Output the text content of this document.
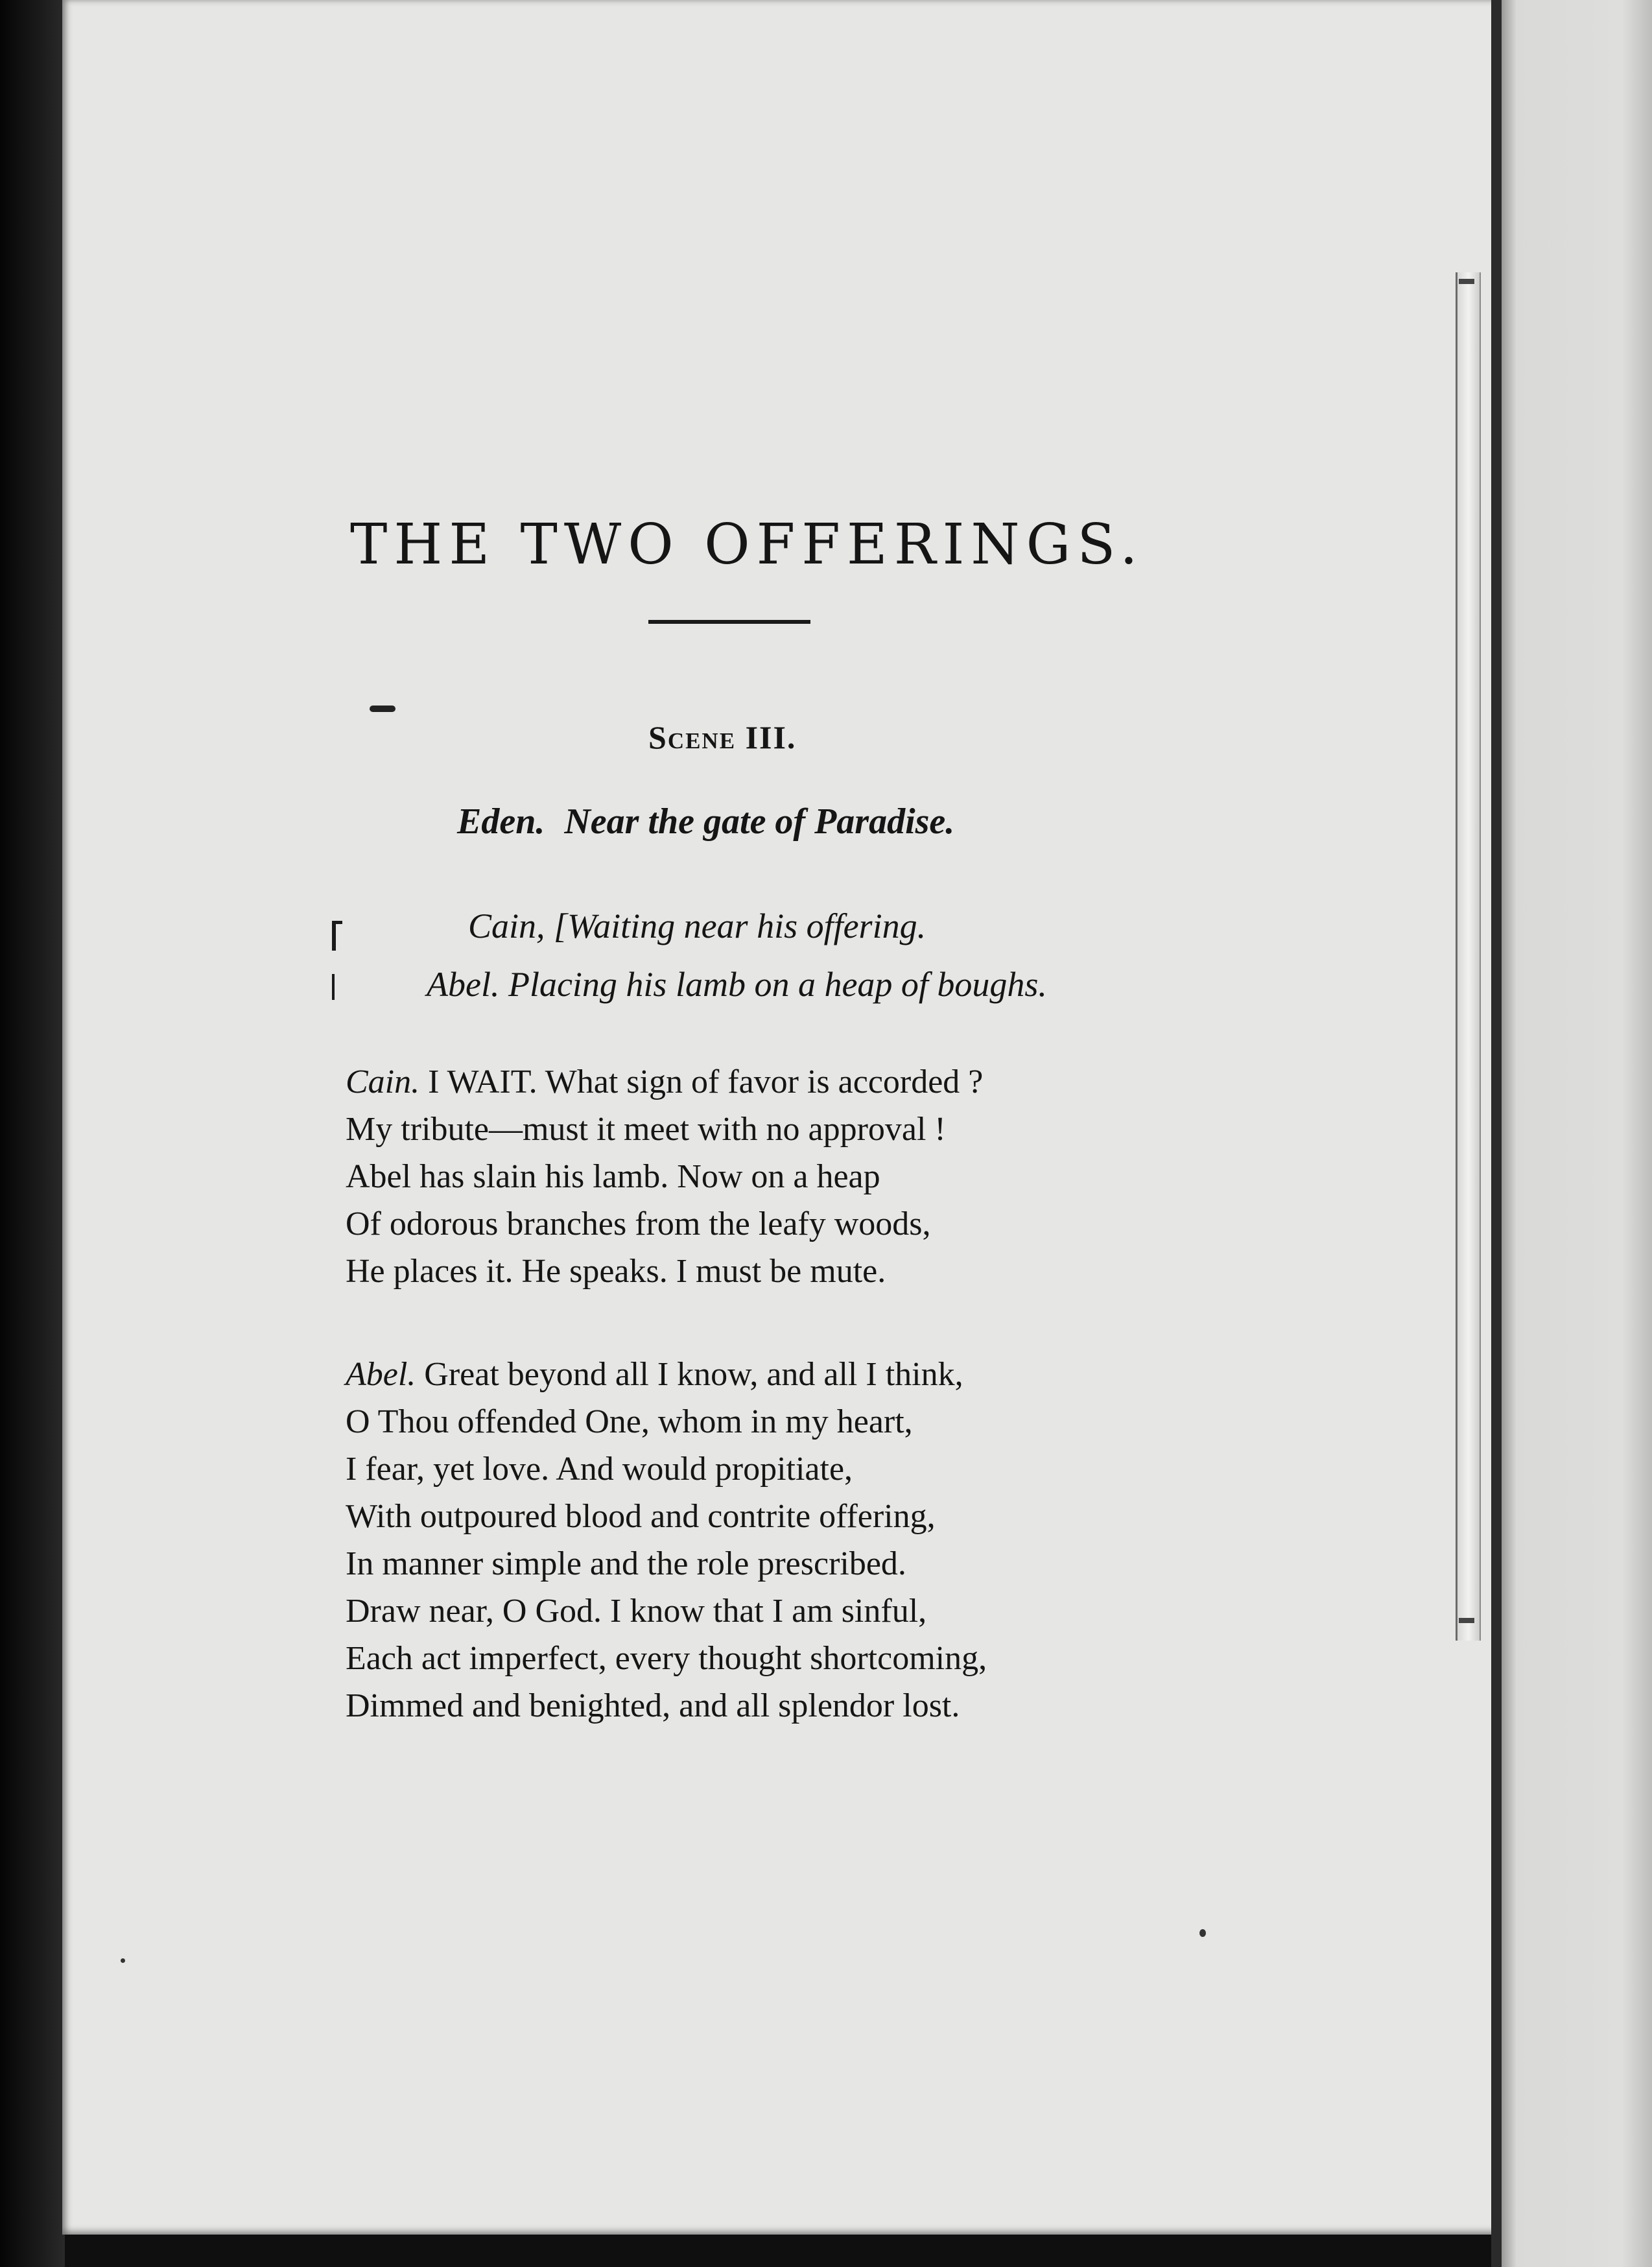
THE TWO OFFERINGS.
Scene III.
Eden. Near the gate of Paradise.
Cain, [Waiting near his offering.
Abel. Placing his lamb on a heap of boughs.
Cain. I WAIT. What sign of favor is accorded ?
My tribute—must it meet with no approval !
Abel has slain his lamb. Now on a heap
Of odorous branches from the leafy woods,
He places it. He speaks. I must be mute.
Abel. Great beyond all I know, and all I think,
O Thou offended One, whom in my heart,
I fear, yet love. And would propitiate,
With outpoured blood and contrite offering,
In manner simple and the role prescribed.
Draw near, O God. I know that I am sinful,
Each act imperfect, every thought shortcoming,
Dimmed and benighted, and all splendor lost.
